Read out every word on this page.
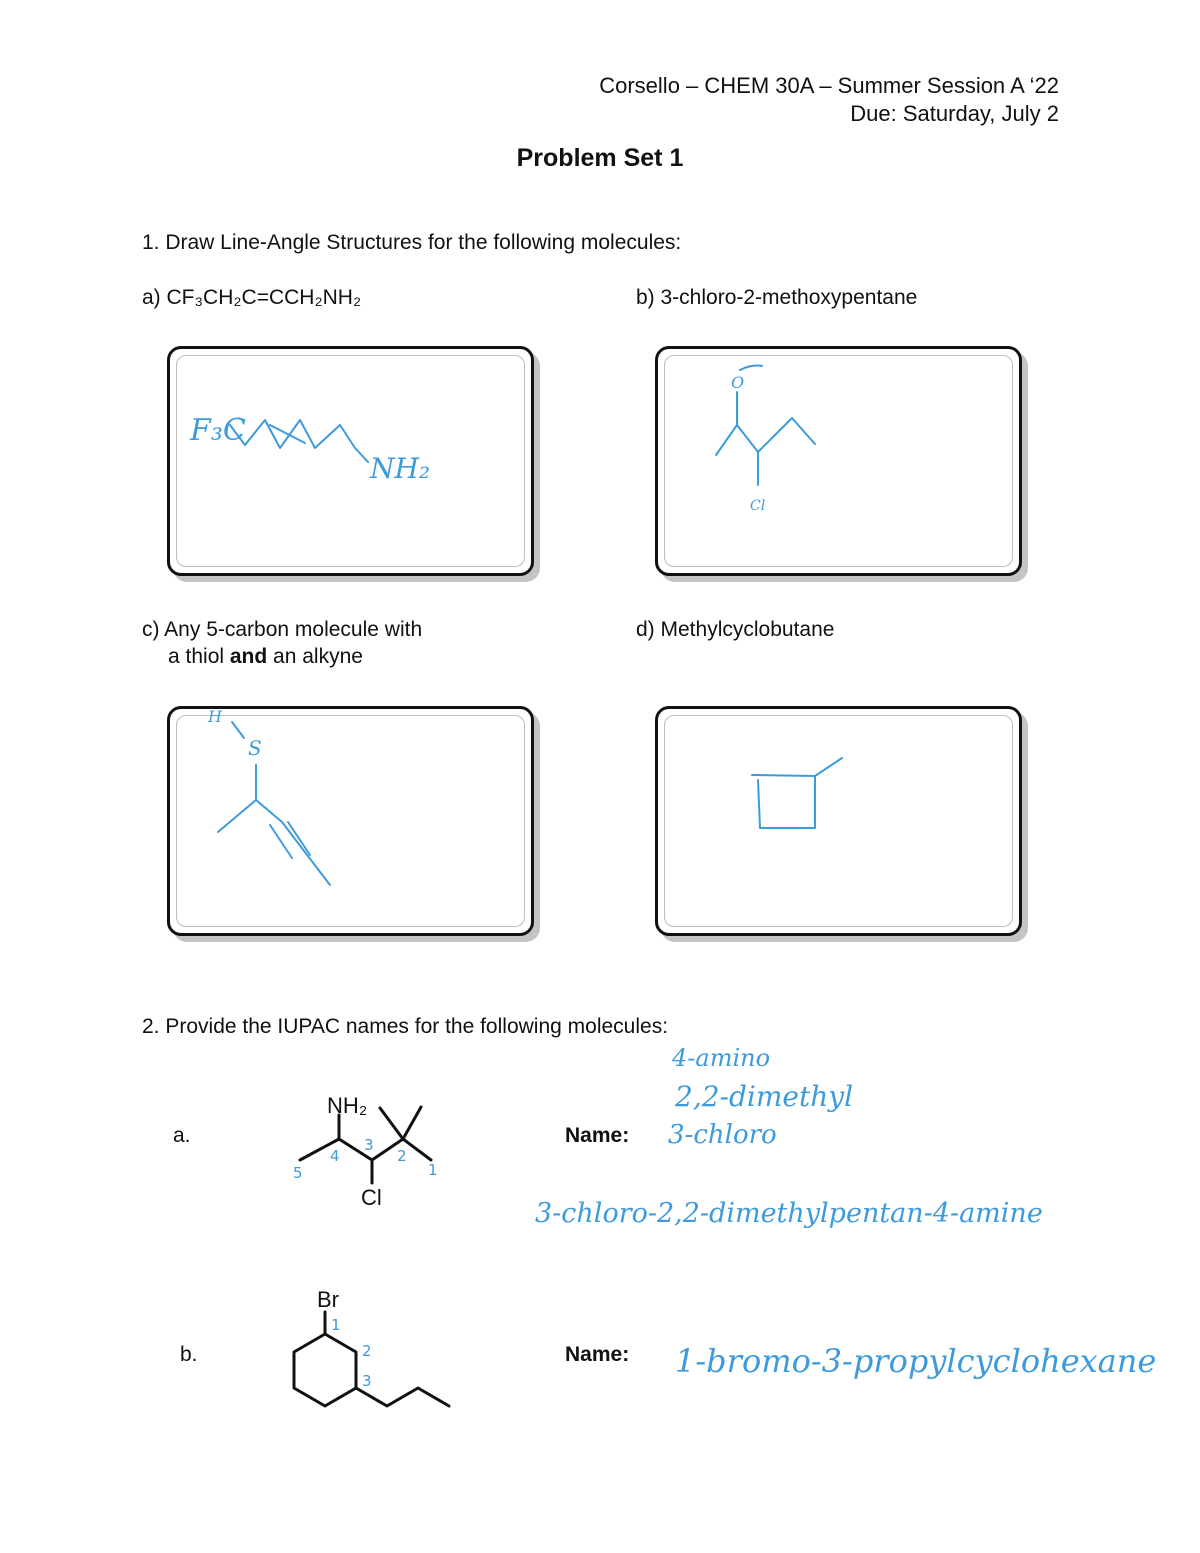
Corsello – CHEM 30A – Summer Session A ‘22
Due: Saturday, July 2
Problem Set 1
1. Draw Line-Angle Structures for the following molecules:
a) CF₃CH₂C=CCH₂NH₂	b) 3-chloro-2-methoxypentane
c) Any 5-carbon molecule with
a thiol and an alkyne
d) Methylcyclobutane
2. Provide the IUPAC names for the following molecules:
a.	Name:
b.	Name:
F₃C
NH₂
O
Cl
H
S
NH₂
Cl
5
4
3
2
1
4-amino
2,2-dimethyl
3-chloro
3-chloro-2,2-dimethylpentan-4-amine
Br
1
2
3
1-bromo-3-propylcyclohexane
